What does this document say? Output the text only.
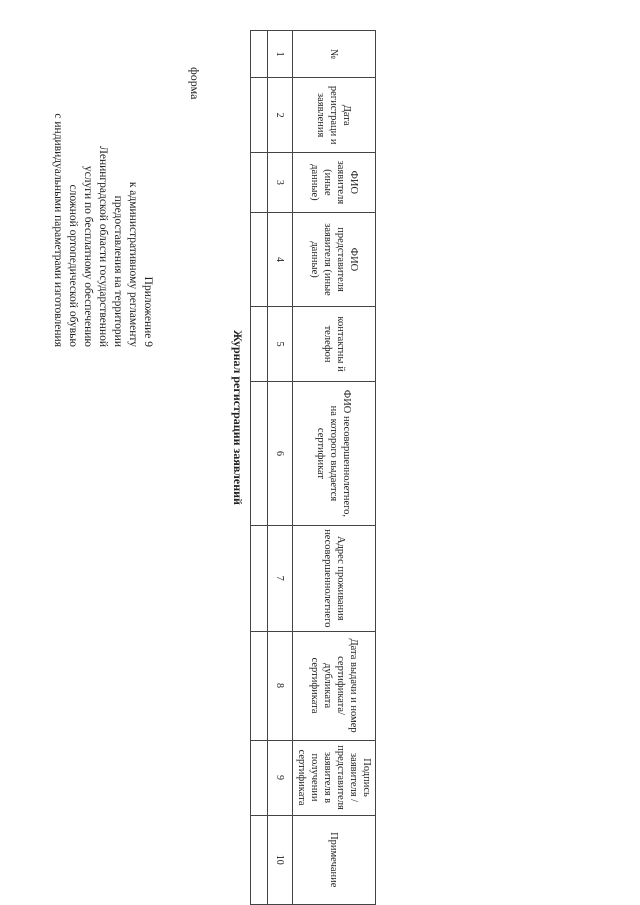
Приложение 9
к административному регламенту
предоставления на территории
Ленинградской области государственной
услуги по бесплатному обеспечению
сложной ортопедической обувью
с индивидуальными параметрами изготовления
форма
Журнал регистрации заявлений
№	Дата регистраци и заявления	ФИО заявителя (иные данные)	ФИО представителя заявителя (иные данные)	контактны й телефон	ФИО несовершеннолетнего, на которого выдается сертификат	Адрес проживания несовершеннолетнего	Дата выдачи и номер сертификата/дубликата сертификата	Подпись заявителя / представителя заявителя в получении сертификата	Примечание
1	2	3	4	5	6	7	8	9	10
